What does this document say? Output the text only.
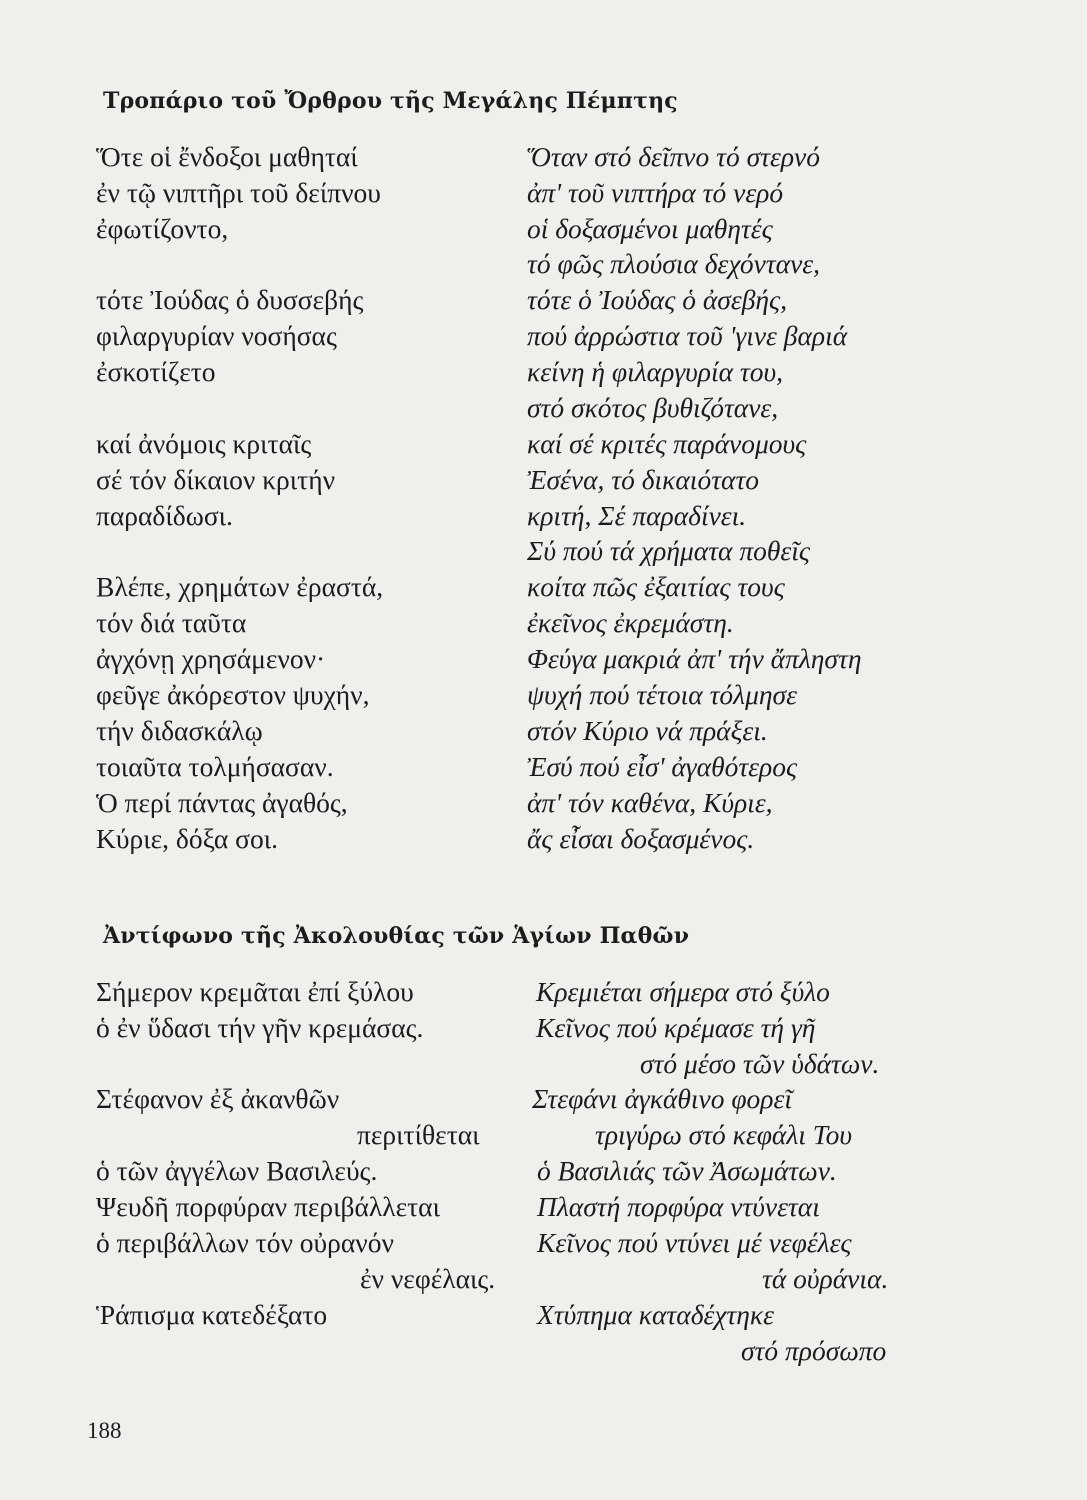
Τροπάριο τοῦ Ὄρθρου τῆς Μεγάλης Πέμπτης
Ὅτε οἱ ἔνδοξοι μαθηταί
ἐν τῷ νιπτῆρι τοῦ δείπνου
ἐφωτίζοντο,
τότε Ἰούδας ὁ δυσσεβής
φιλαργυρίαν νοσήσας
ἐσκοτίζετο
καί ἀνόμοις κριταῖς
σέ τόν δίκαιον κριτήν
παραδίδωσι.
Βλέπε, χρημάτων ἐραστά,
τόν διά ταῦτα
ἀγχόνῃ χρησάμενον·
φεῦγε ἀκόρεστον ψυχήν,
τήν διδασκάλῳ
τοιαῦτα τολμήσασαν.
Ὁ περί πάντας ἀγαθός,
Κύριε, δόξα σοι.
Ὅταν στό δεῖπνο τό στερνό
ἀπ' τοῦ νιπτήρα τό νερό
οἱ δοξασμένοι μαθητές
τό φῶς πλούσια δεχόντανε,
τότε ὁ Ἰούδας ὁ ἀσεβής,
πού ἀρρώστια τοῦ 'γινε βαριά
κείνη ἡ φιλαργυρία του,
στό σκότος βυθιζότανε,
καί σέ κριτές παράνομους
Ἐσένα, τό δικαιότατο
κριτή, Σέ παραδίνει.
Σύ πού τά χρήματα ποθεῖς
κοίτα πῶς ἐξαιτίας τους
ἐκεῖνος ἐκρεμάστη.
Φεύγα μακριά ἀπ' τήν ἄπληστη
ψυχή πού τέτοια τόλμησε
στόν Κύριο νά πράξει.
Ἐσύ πού εἶσ' ἀγαθότερος
ἀπ' τόν καθένα, Κύριε,
ἄς εἶσαι δοξασμένος.
Ἀντίφωνο τῆς Ἀκολουθίας τῶν Ἁγίων Παθῶν
Σήμερον κρεμᾶται ἐπί ξύλου
ὁ ἐν ὕδασι τήν γῆν κρεμάσας.
Στέφανον ἐξ ἀκανθῶν
περιτίθεται
ὁ τῶν ἀγγέλων Βασιλεύς.
Ψευδῆ πορφύραν περιβάλλεται
ὁ περιβάλλων τόν οὐρανόν
ἐν νεφέλαις.
Ῥάπισμα κατεδέξατο
Κρεμιέται σήμερα στό ξύλο
Κεῖνος πού κρέμασε τή γῆ
στό μέσο τῶν ὑδάτων.
Στεφάνι ἀγκάθινο φορεῖ
τριγύρω στό κεφάλι Του
ὁ Βασιλιάς τῶν Ἀσωμάτων.
Πλαστή πορφύρα ντύνεται
Κεῖνος πού ντύνει μέ νεφέλες
τά οὐράνια.
Χτύπημα καταδέχτηκε
στό πρόσωπο
188
